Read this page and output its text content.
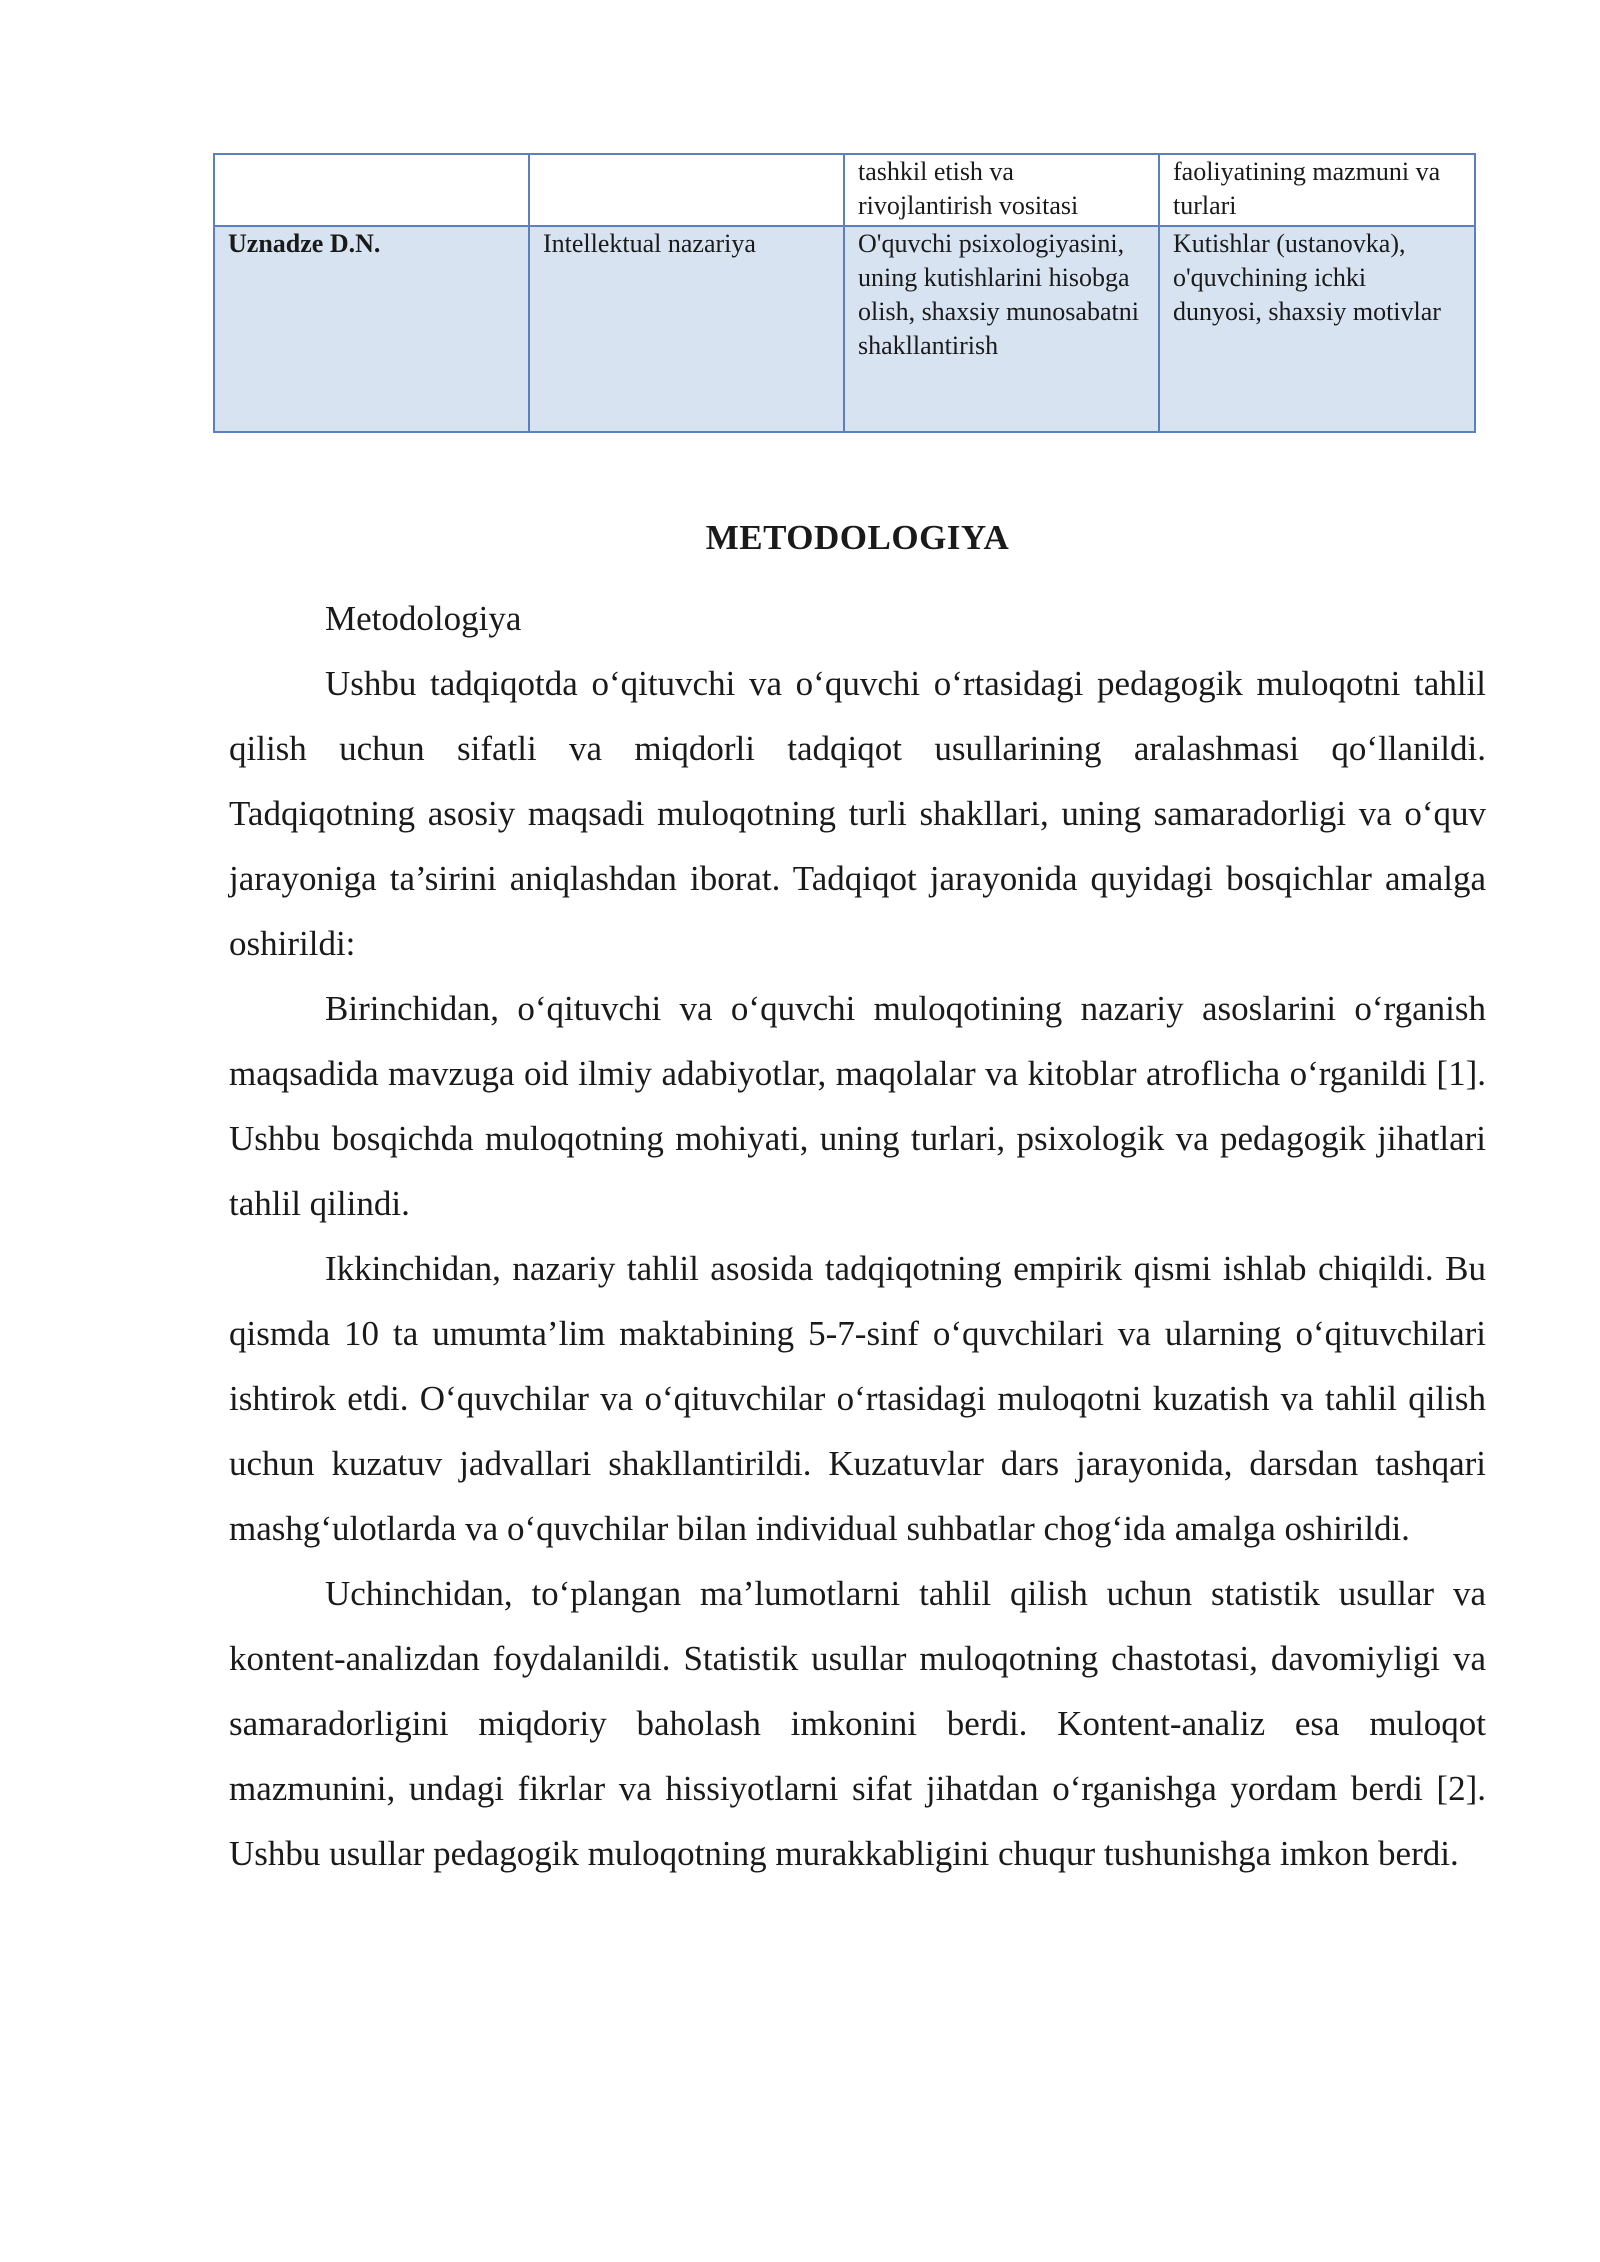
		tashkil etish va rivojlantirish vositasi	faoliyatining mazmuni va turlari
Uznadze D.N.	Intellektual nazariya	O'quvchi psixologiyasini, uning kutishlarini hisobga olish, shaxsiy munosabatni shakllantirish	Kutishlar (ustanovka), o'quvchining ichki dunyosi, shaxsiy motivlar
METODOLOGIYA
Metodologiya

Ushbu tadqiqotda o‘qituvchi va o‘quvchi o‘rtasidagi pedagogik muloqotni tahlil qilish uchun sifatli va miqdorli tadqiqot usullarining aralashmasi qo‘llanildi. Tadqiqotning asosiy maqsadi muloqotning turli shakllari, uning samaradorligi va o‘quv jarayoniga ta’sirini aniqlashdan iborat. Tadqiqot jarayonida quyidagi bosqichlar amalga oshirildi:

Birinchidan, o‘qituvchi va o‘quvchi muloqotining nazariy asoslarini o‘rganish maqsadida mavzuga oid ilmiy adabiyotlar, maqolalar va kitoblar atroflicha o‘rganildi [1]. Ushbu bosqichda muloqotning mohiyati, uning turlari, psixologik va pedagogik jihatlari tahlil qilindi.

Ikkinchidan, nazariy tahlil asosida tadqiqotning empirik qismi ishlab chiqildi. Bu qismda 10 ta umumta’lim maktabining 5-7-sinf o‘quvchilari va ularning o‘qituvchilari ishtirok etdi. O‘quvchilar va o‘qituvchilar o‘rtasidagi muloqotni kuzatish va tahlil qilish uchun kuzatuv jadvallari shakllantirildi. Kuzatuvlar dars jarayonida, darsdan tashqari mashg‘ulotlarda va o‘quvchilar bilan individual suhbatlar chog‘ida amalga oshirildi.

Uchinchidan, to‘plangan ma’lumotlarni tahlil qilish uchun statistik usullar va kontent-analizdan foydalanildi. Statistik usullar muloqotning chastotasi, davomiyligi va samaradorligini miqdoriy baholash imkonini berdi. Kontent-analiz esa muloqot mazmunini, undagi fikrlar va hissiyotlarni sifat jihatdan o‘rganishga yordam berdi [2]. Ushbu usullar pedagogik muloqotning murakkabligini chuqur tushunishga imkon berdi.
